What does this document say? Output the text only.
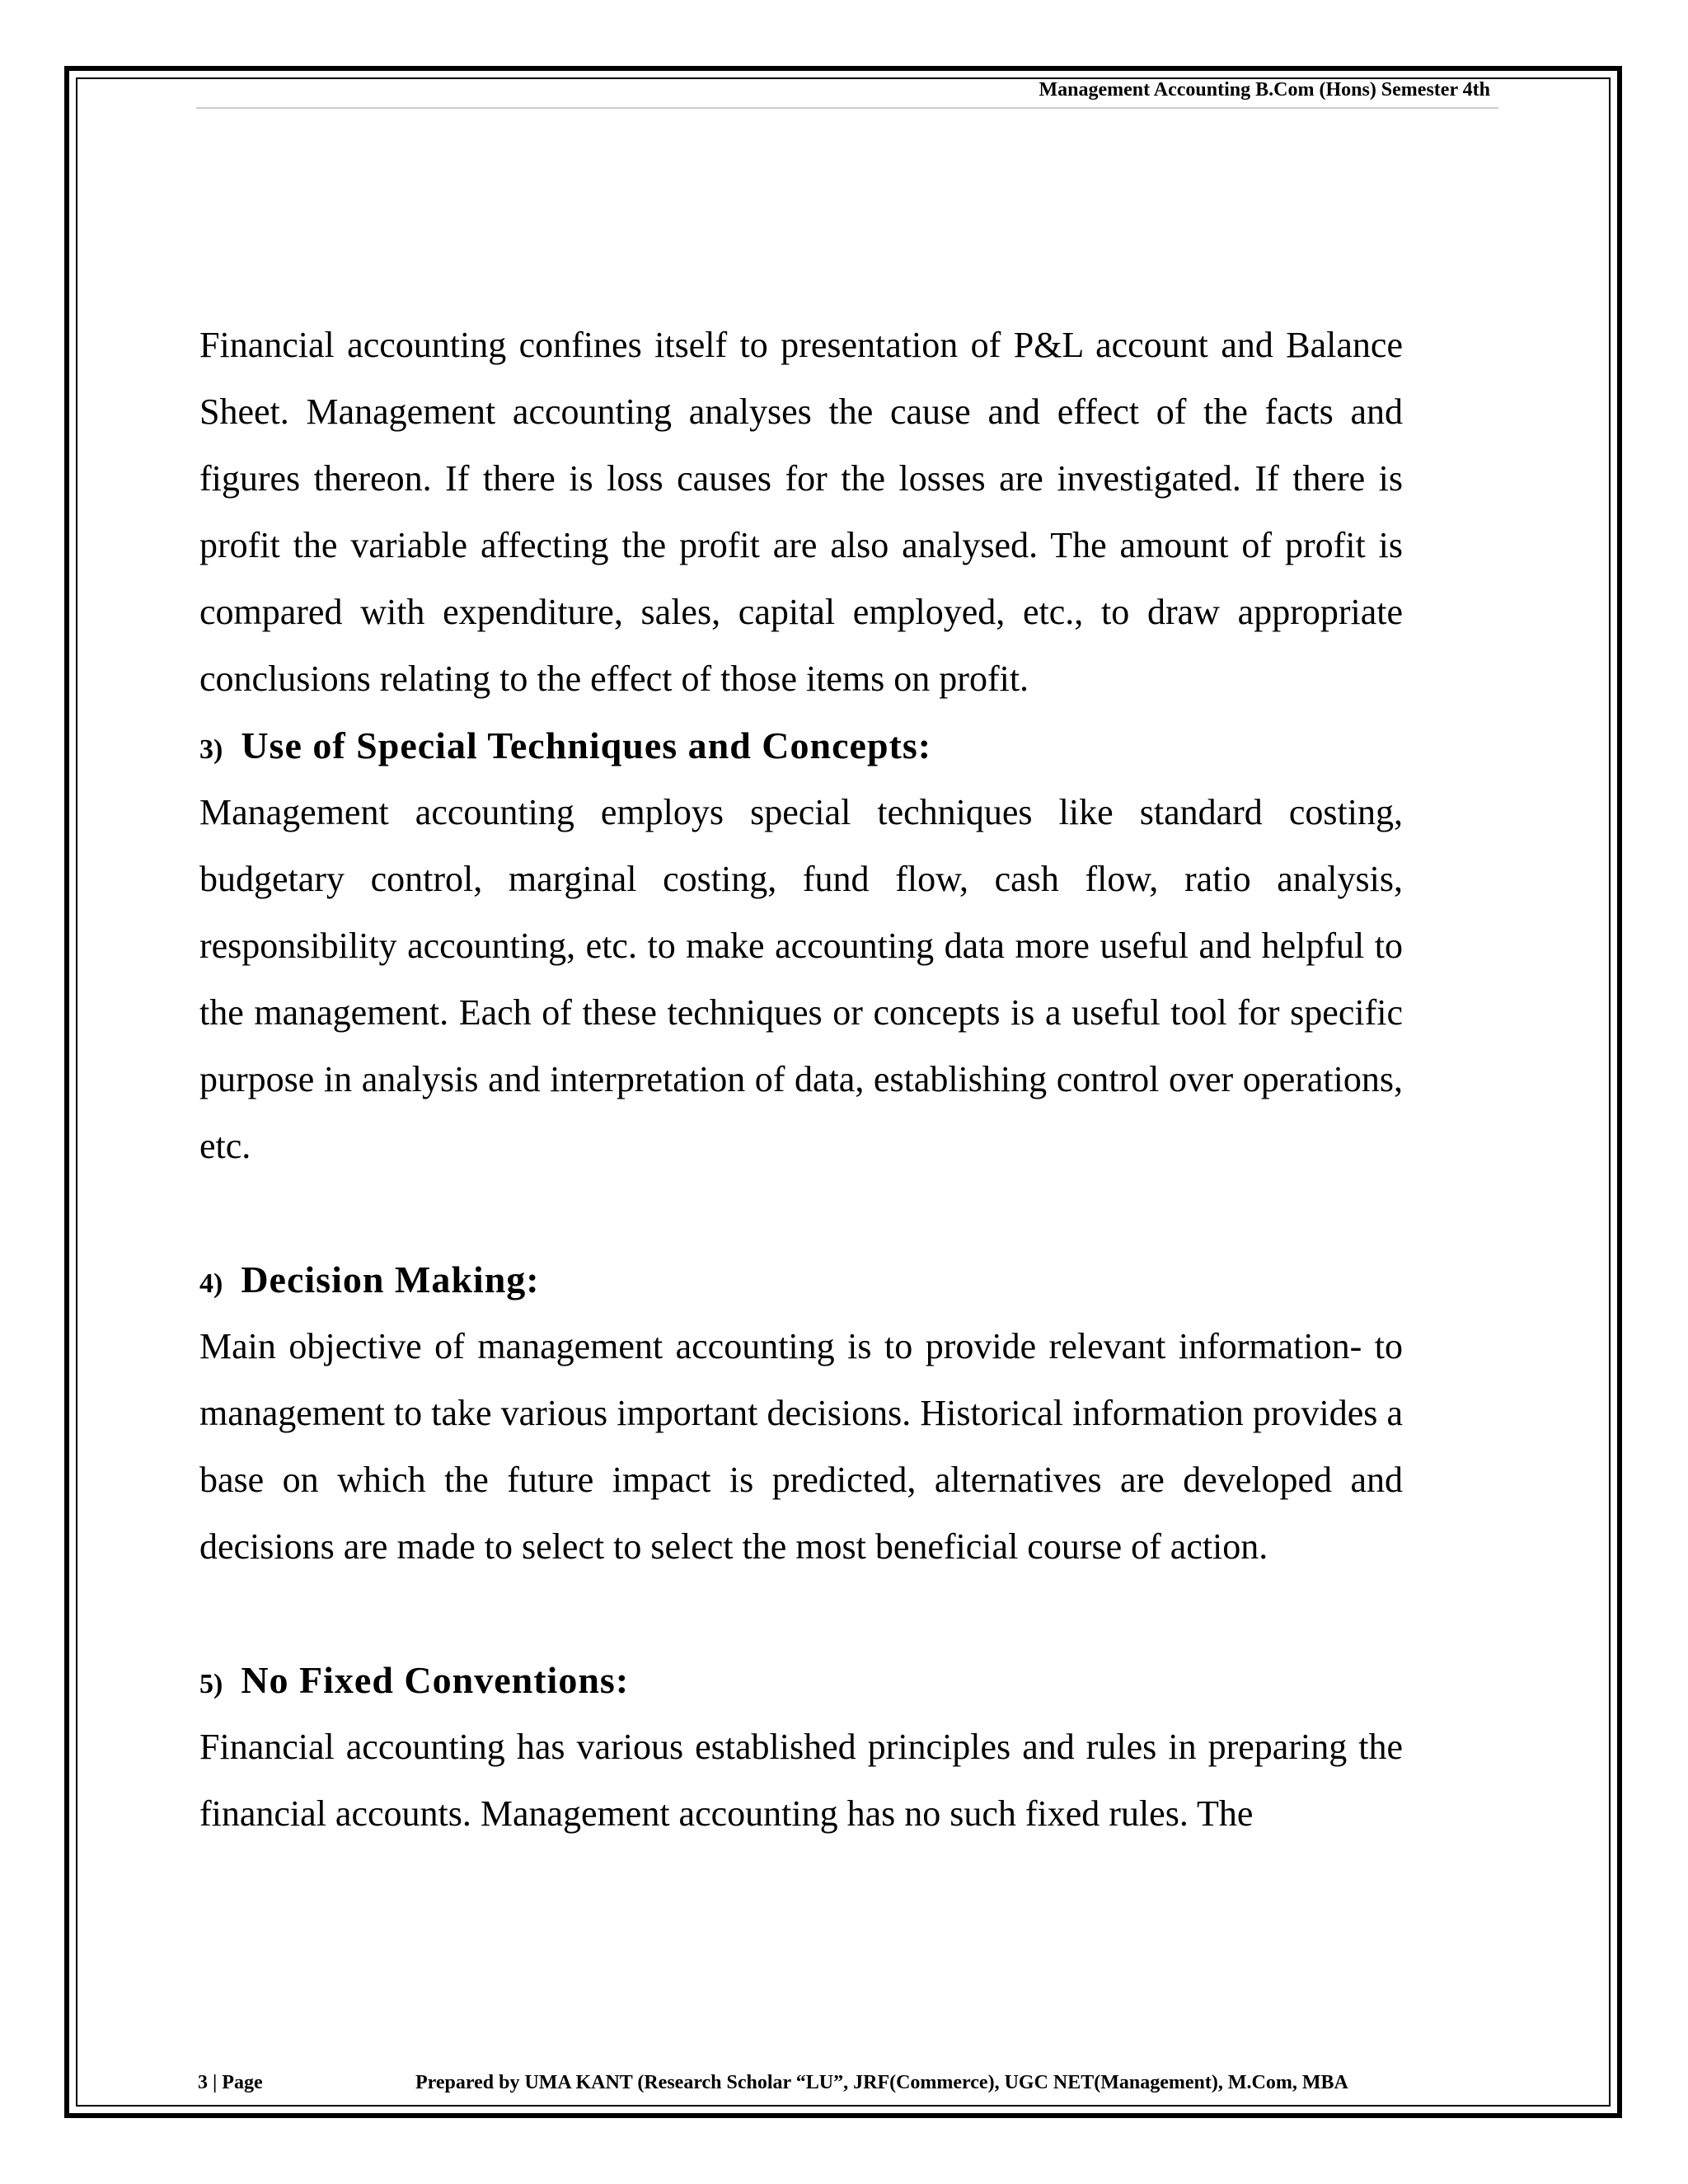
Management Accounting B.Com (Hons) Semester 4th

Financial accounting confines itself to presentation of P&L account and Balance Sheet. Management accounting analyses the cause and effect of the facts and figures thereon. If there is loss causes for the losses are investigated. If there is profit the variable affecting the profit are also analysed. The amount of profit is compared with expenditure, sales, capital employed, etc., to draw appropriate conclusions relating to the effect of those items on profit.

3) Use of Special Techniques and Concepts:

Management accounting employs special techniques like standard costing, budgetary control, marginal costing, fund flow, cash flow, ratio analysis, responsibility accounting, etc. to make accounting data more useful and helpful to the management. Each of these techniques or concepts is a useful tool for specific purpose in analysis and interpretation of data, establishing control over operations, etc.

4) Decision Making:

Main objective of management accounting is to provide relevant information- to management to take various important decisions. Historical information provides a base on which the future impact is predicted, alternatives are developed and decisions are made to select to select the most beneficial course of action.

5) No Fixed Conventions:

Financial accounting has various established principles and rules in preparing the financial accounts. Management accounting has no such fixed rules. The

3 | Page	Prepared by UMA KANT (Research Scholar “LU”, JRF(Commerce), UGC NET(Management), M.Com, MBA
